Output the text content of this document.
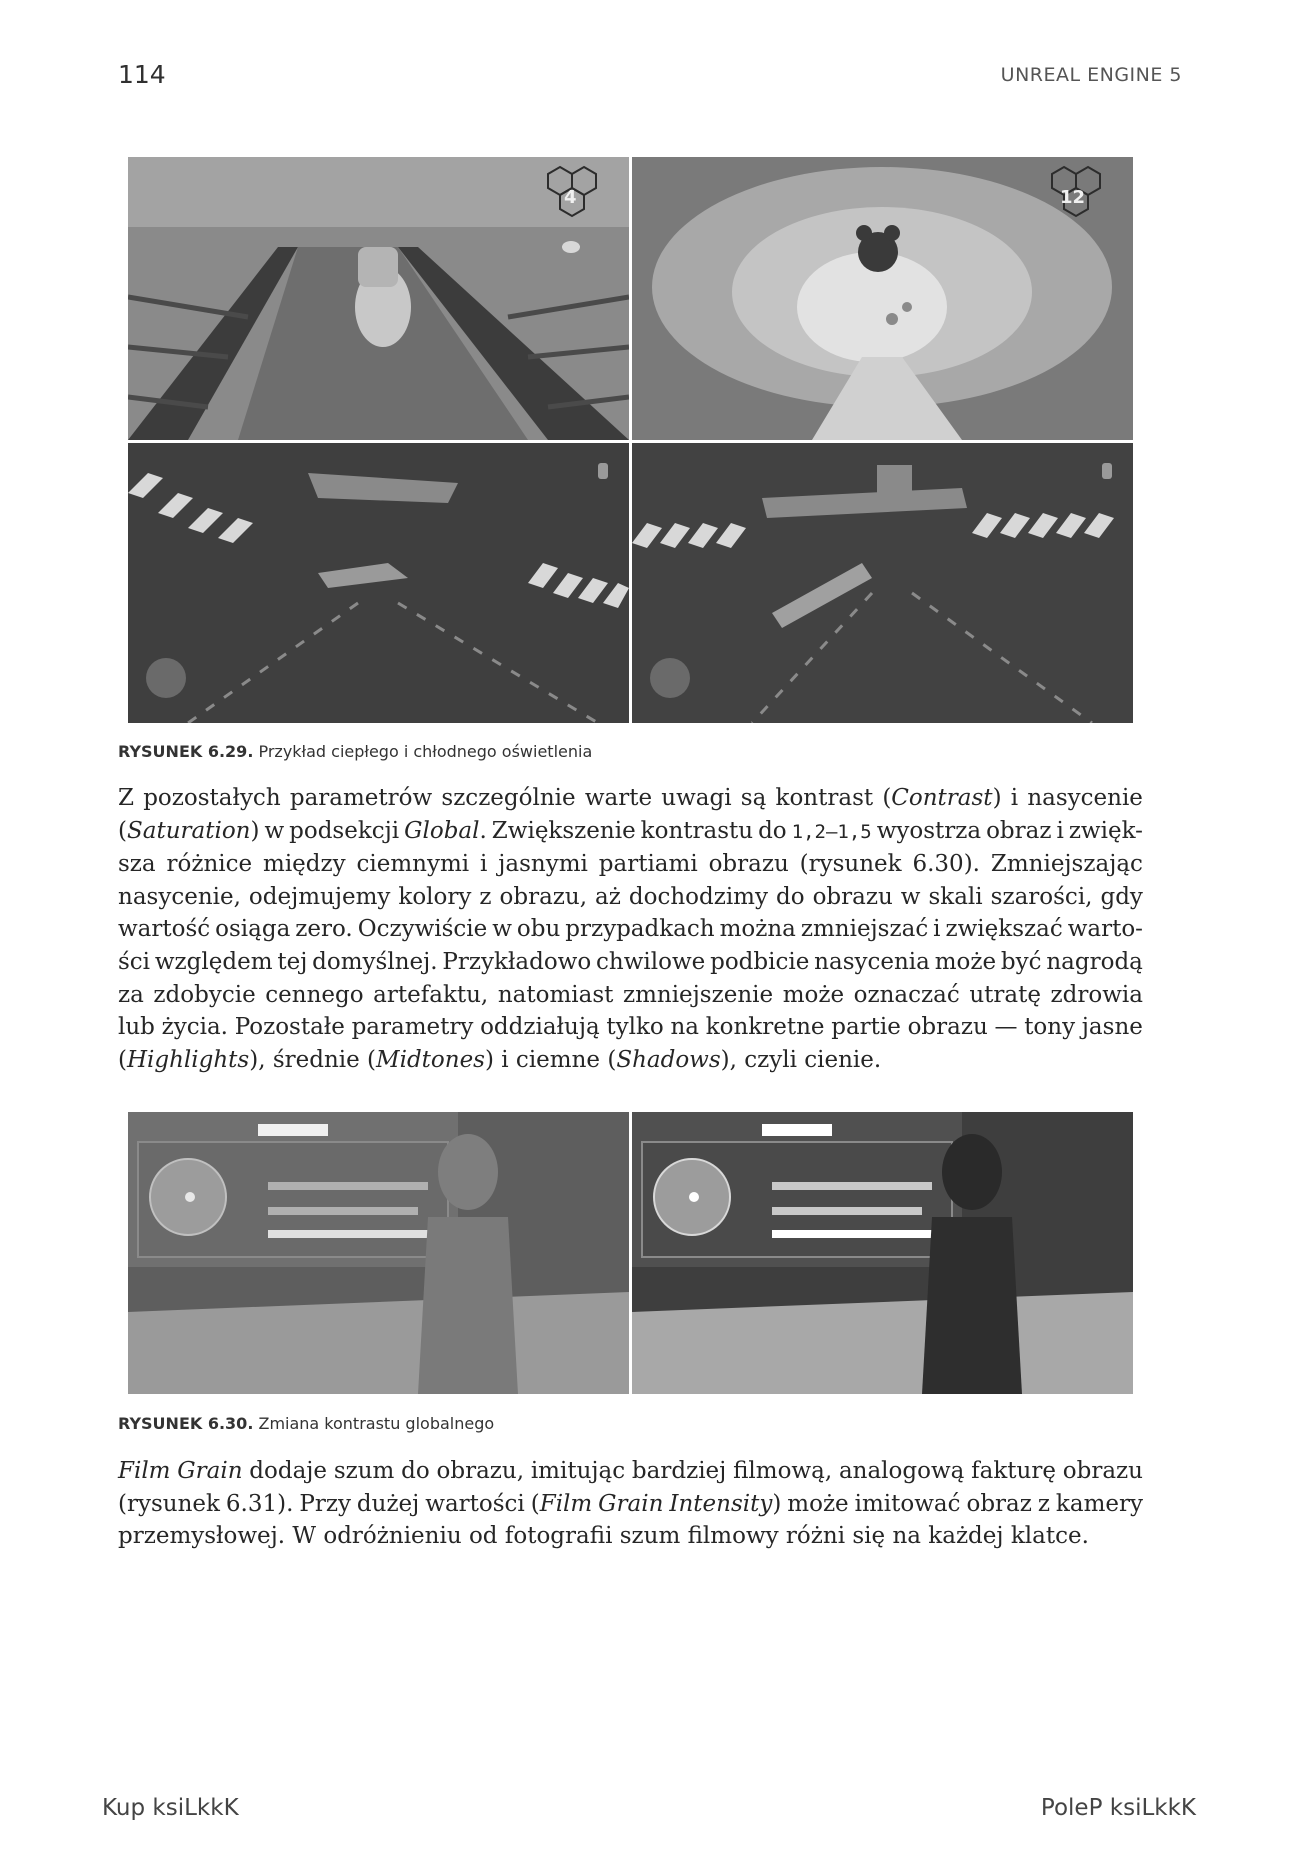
114	UNREAL ENGINE 5
4	12
RYSUNEK 6.29. Przykład ciepłego i chłodnego oświetlenia
Z pozostałych parametrów szczególnie warte uwagi są kontrast (Contrast) i nasycenie
(Saturation) w podsekcji Global. Zwiększenie kontrastu do 1,2–1,5 wyostrza obraz i zwięk-
sza różnice między ciemnymi i jasnymi partiami obrazu (rysunek 6.30). Zmniejszając
nasycenie, odejmujemy kolory z obrazu, aż dochodzimy do obrazu w skali szarości, gdy
wartość osiąga zero. Oczywiście w obu przypadkach można zmniejszać i zwiększać warto-
ści względem tej domyślnej. Przykładowo chwilowe podbicie nasycenia może być nagrodą
za zdobycie cennego artefaktu, natomiast zmniejszenie może oznaczać utratę zdrowia
lub życia. Pozostałe parametry oddziałują tylko na konkretne partie obrazu — tony jasne
(Highlights), średnie (Midtones) i ciemne (Shadows), czyli cienie.
RYSUNEK 6.30. Zmiana kontrastu globalnego
Film Grain dodaje szum do obrazu, imitując bardziej filmową, analogową fakturę obrazu
(rysunek 6.31). Przy dużej wartości (Film Grain Intensity) może imitować obraz z kamery
przemysłowej. W odróżnieniu od fotografii szum filmowy różni się na każdej klatce.
Kup ksiLkkK	PoleP ksiLkkK
